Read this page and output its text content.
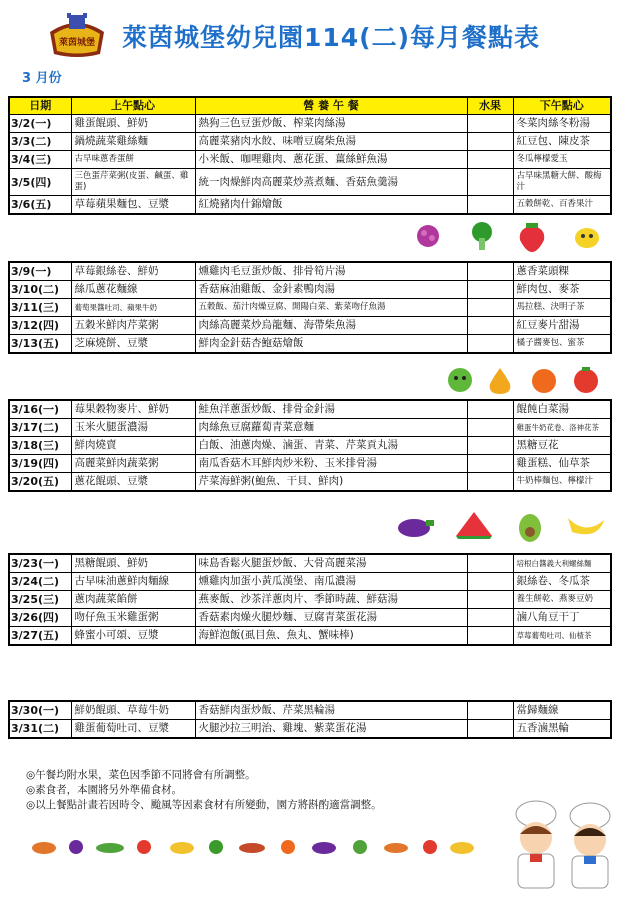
萊茵城堡 萊茵城堡幼兒園114(二)每月餐點表
3 月份
日期	上午點心	營 養 午 餐	水果	下午點心
3/2(一)	雞蛋餛頭、鮮奶	熱狗三色豆蛋炒飯、榨菜肉絲湯		冬菜肉絲冬粉湯
3/3(二)	鍋燒蔬菜雞絲麵	高麗菜豬肉水餃、味噌豆腐柴魚湯		紅豆包、陳皮茶
3/4(三)	古早味蔥香蛋餅	小米飯、咖哩雞肉、蔥花蛋、薑絲鮮魚湯		冬瓜檸檬愛玉
3/5(四)	三色蛋芹菜粥(皮蛋、鹹蛋、雞蛋)	統一肉燥鮮肉高麗菜炒蒸煮麵、香菇魚羹湯		古早味黑糖大餅、酸梅汁
3/6(五)	草莓蘋果麵包、豆漿	紅燒豬肉什錦燴飯		五穀餅乾、百香果汁
3/9(一)	草莓銀絲卷、鮮奶	燻雞肉毛豆蛋炒飯、排骨筍片湯		蔥香菜頭粿
3/10(二)	絲瓜蔥花麵線	香菇麻油雞飯、金針素鴨肉湯		鮮肉包、麥茶
3/11(三)	葡萄果醬吐司、蘋果牛奶	五穀飯、茄汁肉燥豆腐、開陽白菜、紫菜吻仔魚湯		馬拉糕、決明子茶
3/12(四)	五穀米鮮肉芹菜粥	肉絲高麗菜炒烏龍麵、海帶柴魚湯		紅豆麥片甜湯
3/13(五)	芝麻燒餅、豆漿	鮮肉金針菇杏鮑菇燴飯		橘子醬麥包、蜜茶
3/16(一)	莓果穀物麥片、鮮奶	鮭魚洋蔥蛋炒飯、排骨金針湯		餛飩白菜湯
3/17(二)	玉米火腿蛋濃湯	肉絲魚豆腐蘿蔔青菜意麵		雞蛋牛奶花卷、洛神花茶
3/18(三)	鮮肉燒賣	白飯、油蔥肉燥、滷蛋、青菜、芹菜貢丸湯		黑糖豆花
3/19(四)	高麗菜鮮肉蔬菜粥	南瓜香菇木耳鮮肉炒米粉、玉米排骨湯		雞蛋糕、仙草茶
3/20(五)	蔥花餛頭、豆漿	芹菜海鮮粥(鮑魚、干貝、鮮肉)		牛奶棒麵包、檸檬汁
3/23(一)	黑糖餛頭、鮮奶	味島香鬆火腿蛋炒飯、大骨高麗菜湯		培根白醬義大利螺絲麵
3/24(二)	古早味油蔥鮮肉麵線	燻雞肉加蛋小黃瓜漢堡、南瓜濃湯		銀絲卷、冬瓜茶
3/25(三)	蔥肉蔬菜餡餅	燕麥飯、沙茶洋蔥肉片、季節時蔬、鮮菇湯		養生餅乾、燕麥豆奶
3/26(四)	吻仔魚玉米雞蛋粥	香菇素肉燥火腿炒麵、豆腐青菜蛋花湯		滷八角豆干丁
3/27(五)	蜂蜜小可頌、豆漿	海鮮泡飯(虱目魚、魚丸、蟹味棒)		草莓葡萄吐司、仙楂茶
3/30(一)	鮮奶餛頭、草莓牛奶	香菇鮮肉蛋炒飯、芹菜黑輪湯		當歸麵線
3/31(二)	雞蛋葡萄吐司、豆漿	火腿沙拉三明治、雞塊、紫菜蛋花湯		五香滷黑輪
◎午餐均附水果，菜色因季節不同將會有所調整。
◎素食者，本園將另外準備食材。
◎以上餐點計畫若因時令、颱風等因素食材有所變動，園方將斟酌適當調整。
